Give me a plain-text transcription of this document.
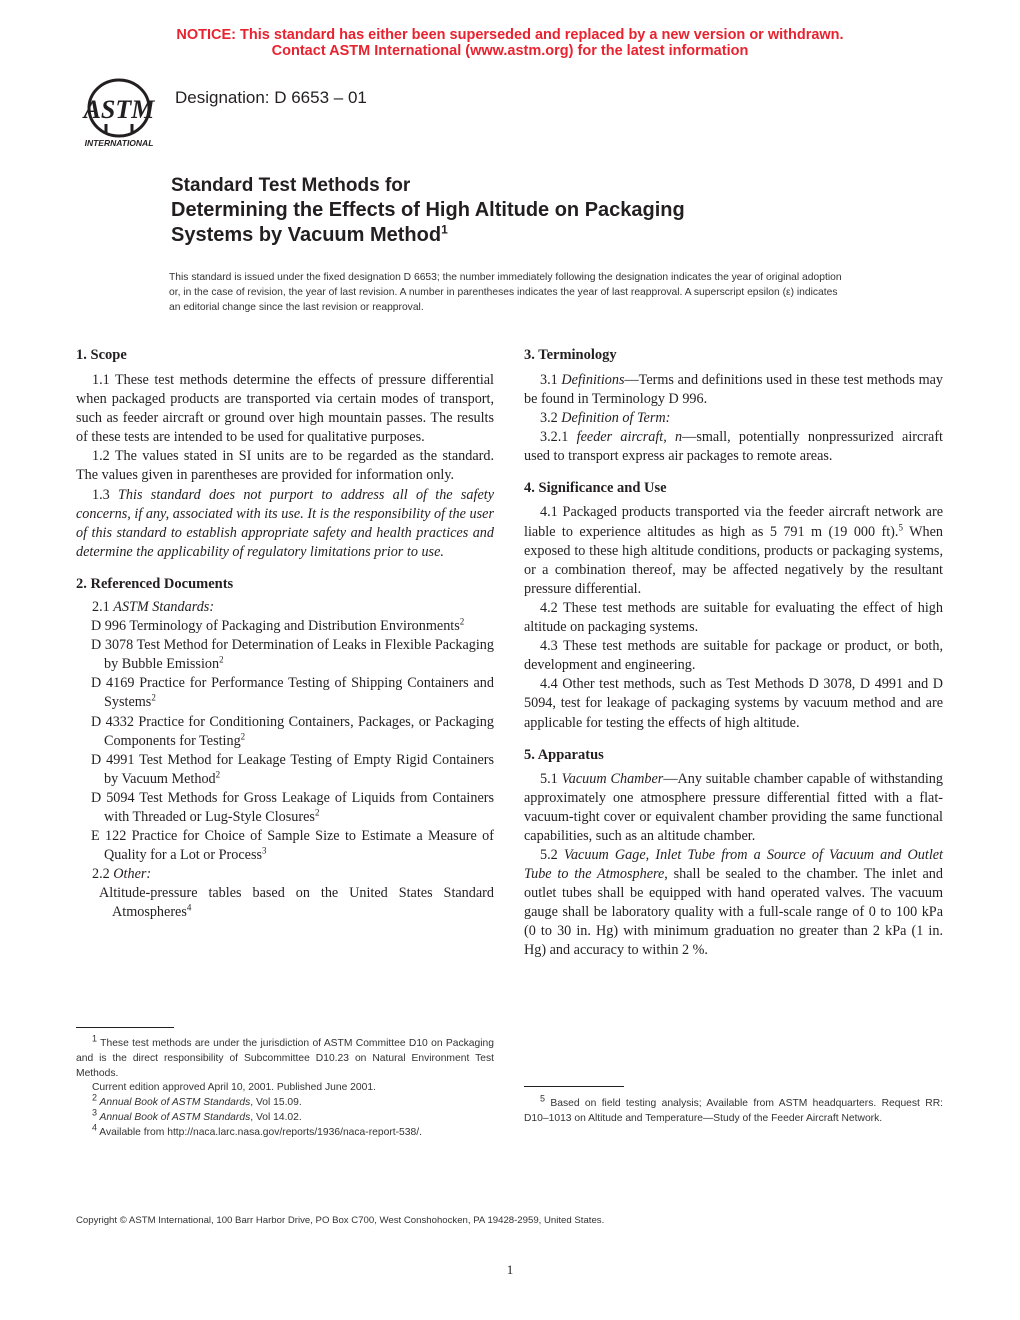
NOTICE: This standard has either been superseded and replaced by a new version or withdrawn.
Contact ASTM International (www.astm.org) for the latest information
ASTM
INTERNATIONAL
Designation: D 6653 – 01
Standard Test Methods for
Determining the Effects of High Altitude on Packaging
Systems by Vacuum Method$^1$
This standard is issued under the fixed designation D 6653; the number immediately following the designation indicates the year of original adoption or, in the case of revision, the year of last revision. A number in parentheses indicates the year of last reapproval. A superscript epsilon (ε) indicates an editorial change since the last revision or reapproval.
1. Scope

1.1 These test methods determine the effects of pressure differential when packaged products are transported via certain modes of transport, such as feeder aircraft or ground over high mountain passes. The results of these tests are intended to be used for qualitative purposes.

1.2 The values stated in SI units are to be regarded as the standard. The values given in parentheses are provided for information only.

1.3 This standard does not purport to address all of the safety concerns, if any, associated with its use. It is the responsibility of the user of this standard to establish appropriate safety and health practices and determine the applicability of regulatory limitations prior to use.

2. Referenced Documents

2.1 ASTM Standards:

D 996 Terminology of Packaging and Distribution Environments$^2$

D 3078 Test Method for Determination of Leaks in Flexible Packaging by Bubble Emission$^2$

D 4169 Practice for Performance Testing of Shipping Containers and Systems$^2$

D 4332 Practice for Conditioning Containers, Packages, or Packaging Components for Testing$^2$

D 4991 Test Method for Leakage Testing of Empty Rigid Containers by Vacuum Method$^2$

D 5094 Test Methods for Gross Leakage of Liquids from Containers with Threaded or Lug-Style Closures$^2$

E 122 Practice for Choice of Sample Size to Estimate a Measure of Quality for a Lot or Process$^3$

2.2 Other:

Altitude-pressure tables based on the United States Standard Atmospheres$^4$

3. Terminology

3.1 Definitions—Terms and definitions used in these test methods may be found in Terminology D 996.

3.2 Definition of Term:

3.2.1 feeder aircraft, n—small, potentially nonpressurized aircraft used to transport express air packages to remote areas.

4. Significance and Use

4.1 Packaged products transported via the feeder aircraft network are liable to experience altitudes as high as 5 791 m (19 000 ft).$^5$ When exposed to these high altitude conditions, products or packaging systems, or a combination thereof, may be affected negatively by the resultant pressure differential.

4.2 These test methods are suitable for evaluating the effect of high altitude on packaging systems.

4.3 These test methods are suitable for package or product, or both, development and engineering.

4.4 Other test methods, such as Test Methods D 3078, D 4991 and D 5094, test for leakage of packaging systems by vacuum method and are applicable for testing the effects of high altitude.

5. Apparatus

5.1 Vacuum Chamber—Any suitable chamber capable of withstanding approximately one atmosphere pressure differential fitted with a flat-vacuum-tight cover or equivalent chamber providing the same functional capabilities, such as an altitude chamber.

5.2 Vacuum Gage, Inlet Tube from a Source of Vacuum and Outlet Tube to the Atmosphere, shall be sealed to the chamber. The inlet and outlet tubes shall be equipped with hand operated valves. The vacuum gauge shall be laboratory quality with a full-scale range of 0 to 100 kPa (0 to 30 in. Hg) with minimum graduation no greater than 2 kPa (1 in. Hg) and accuracy to within 2 %.

$^1$ These test methods are under the jurisdiction of ASTM Committee D10 on Packaging and is the direct responsibility of Subcommittee D10.23 on Natural Environment Test Methods.

Current edition approved April 10, 2001. Published June 2001.

$^2$ Annual Book of ASTM Standards, Vol 15.09.

$^3$ Annual Book of ASTM Standards, Vol 14.02.

$^4$ Available from http://naca.larc.nasa.gov/reports/1936/naca-report-538/.

$^5$ Based on field testing analysis; Available from ASTM headquarters. Request RR: D10–1013 on Altitude and Temperature—Study of the Feeder Aircraft Network.

Copyright © ASTM International, 100 Barr Harbor Drive, PO Box C700, West Conshohocken, PA 19428-2959, United States.
1
